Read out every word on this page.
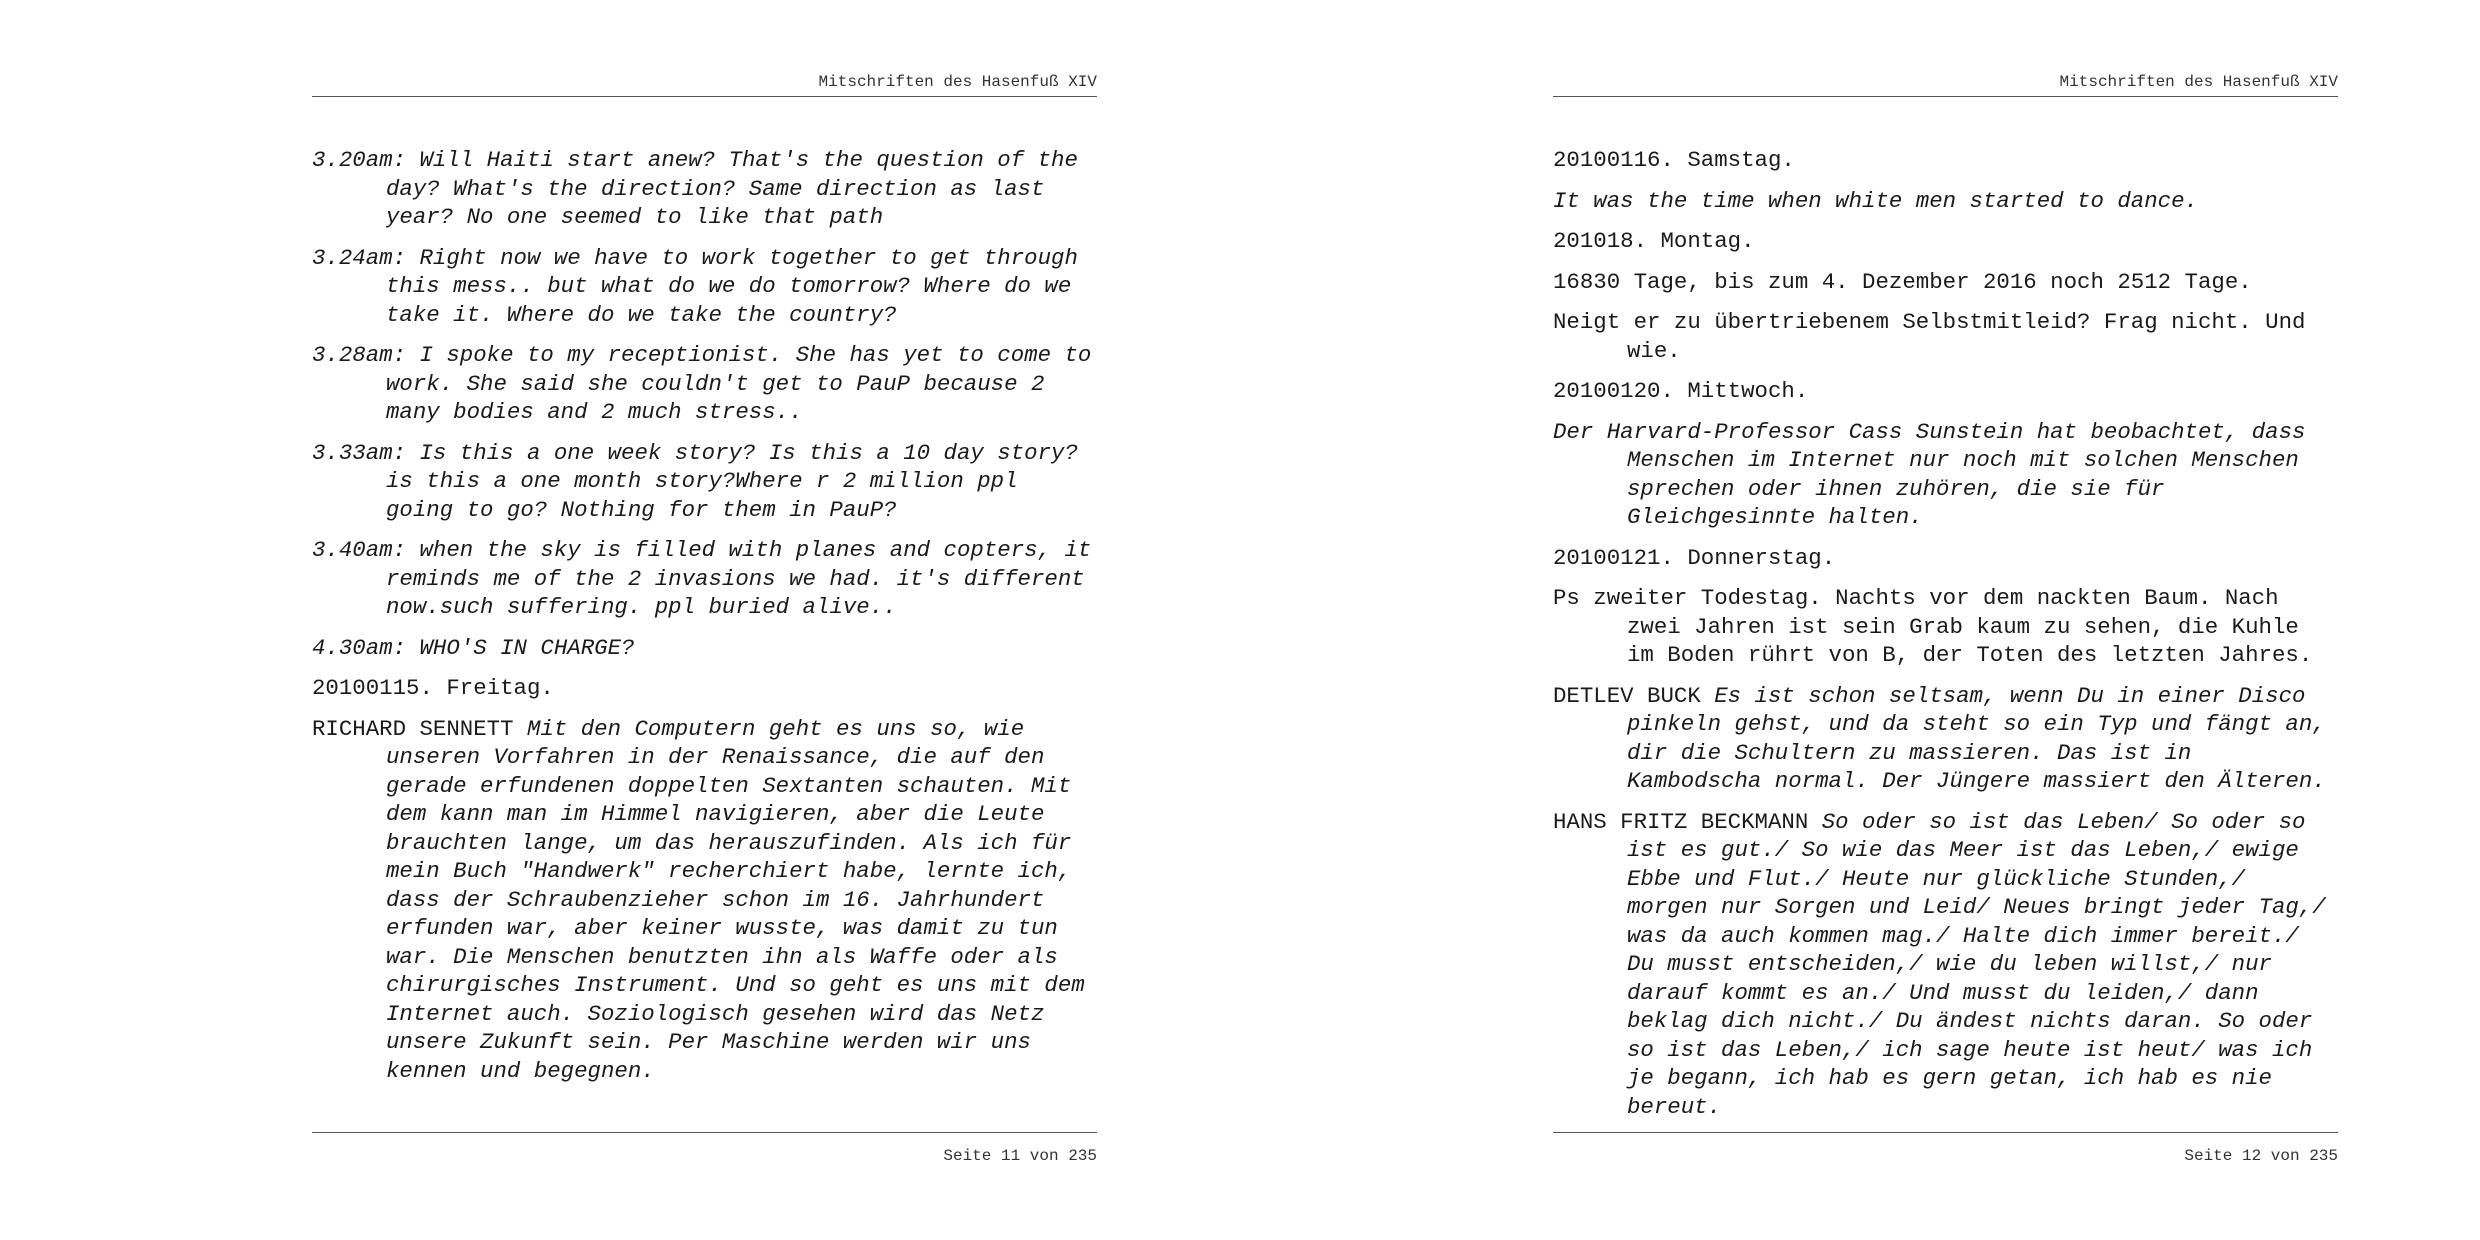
Mitschriften des Hasenfuß XIV

3.20am: Will Haiti start anew? That's the question of the day? What's the direction? Same direction as last year? No one seemed to like that path

3.24am: Right now we have to work together to get through this mess.. but what do we do tomorrow? Where do we take it. Where do we take the country?

3.28am: I spoke to my receptionist. She has yet to come to work. She said she couldn't get to PauP because 2 many bodies and 2 much stress..

3.33am: Is this a one week story? Is this a 10 day story? is this a one month story?Where r 2 million ppl going to go? Nothing for them in PauP?

3.40am: when the sky is filled with planes and copters, it reminds me of the 2 invasions we had. it's different now.such suffering. ppl buried alive..

4.30am: WHO'S IN CHARGE?

20100115. Freitag.

RICHARD SENNETT Mit den Computern geht es uns so, wie unseren Vorfahren in der Renaissance, die auf den gerade erfundenen doppelten Sextanten schauten. Mit dem kann man im Himmel navigieren, aber die Leute brauchten lange, um das herauszufinden. Als ich für mein Buch "Handwerk" recherchiert habe, lernte ich, dass der Schraubenzieher schon im 16. Jahrhundert erfunden war, aber keiner wusste, was damit zu tun war. Die Menschen benutzten ihn als Waffe oder als chirurgisches Instrument. Und so geht es uns mit dem Internet auch. Soziologisch gesehen wird das Netz unsere Zukunft sein. Per Maschine werden wir uns kennen und begegnen.

Seite 11 von 235
Mitschriften des Hasenfuß XIV

20100116. Samstag.

It was the time when white men started to dance.

201018. Montag.

16830 Tage, bis zum 4. Dezember 2016 noch 2512 Tage.

Neigt er zu übertriebenem Selbstmitleid? Frag nicht. Und wie.

20100120. Mittwoch.

Der Harvard-Professor Cass Sunstein hat beobachtet, dass Menschen im Internet nur noch mit solchen Menschen sprechen oder ihnen zuhören, die sie für Gleichgesinnte halten.

20100121. Donnerstag.

Ps zweiter Todestag. Nachts vor dem nackten Baum. Nach zwei Jahren ist sein Grab kaum zu sehen, die Kuhle im Boden rührt von B, der Toten des letzten Jahres.

DETLEV BUCK Es ist schon seltsam, wenn Du in einer Disco pinkeln gehst, und da steht so ein Typ und fängt an, dir die Schultern zu massieren. Das ist in Kambodscha normal. Der Jüngere massiert den Älteren.

HANS FRITZ BECKMANN So oder so ist das Leben/ So oder so ist es gut./ So wie das Meer ist das Leben,/ ewige Ebbe und Flut./ Heute nur glückliche Stunden,/ morgen nur Sorgen und Leid/ Neues bringt jeder Tag,/ was da auch kommen mag./ Halte dich immer bereit./ Du musst entscheiden,/ wie du leben willst,/ nur darauf kommt es an./ Und musst du leiden,/ dann beklag dich nicht./ Du ändest nichts daran. So oder so ist das Leben,/ ich sage heute ist heut/ was ich je begann, ich hab es gern getan, ich hab es nie bereut.

Seite 12 von 235
